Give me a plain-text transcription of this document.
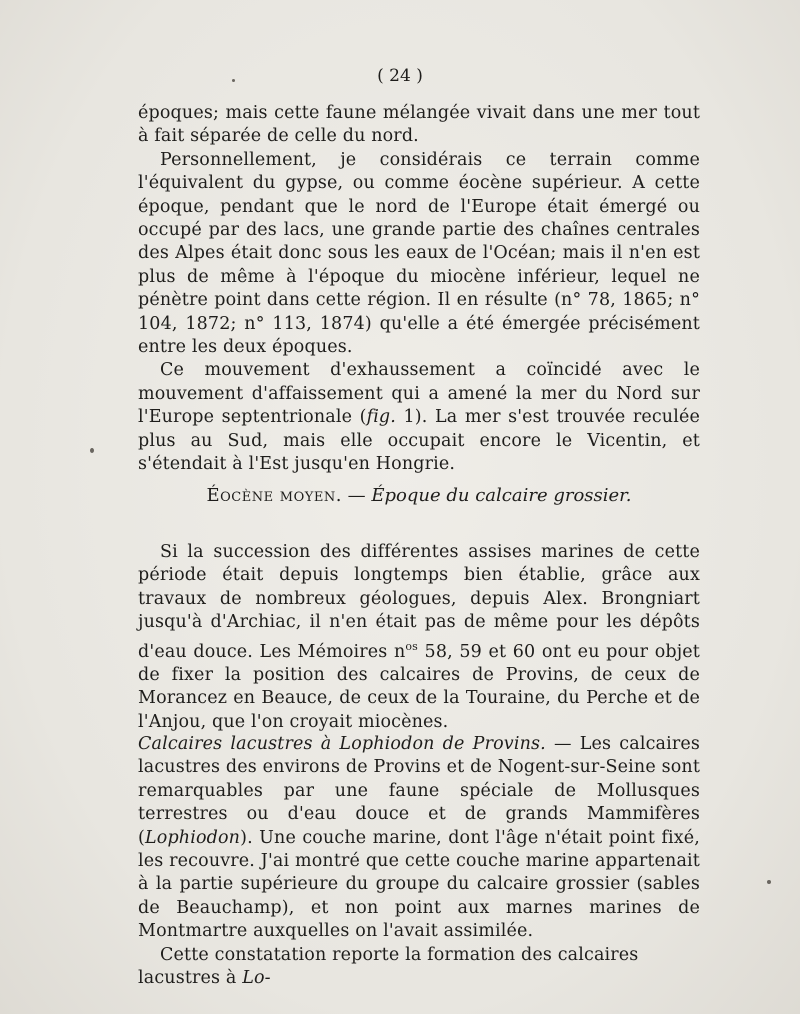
( 24 )

époques; mais cette faune mélangée vivait dans une mer tout à fait séparée de celle du nord.

Personnellement, je considérais ce terrain comme l'équivalent du gypse, ou comme éocène supérieur. A cette époque, pendant que le nord de l'Europe était émergé ou occupé par des lacs, une grande partie des chaînes centrales des Alpes était donc sous les eaux de l'Océan; mais il n'en est plus de même à l'époque du miocène inférieur, lequel ne pénètre point dans cette région. Il en résulte (n° 78, 1865; n° 104, 1872; n° 113, 1874) qu'elle a été émergée précisément entre les deux époques.

Ce mouvement d'exhaussement a coïncidé avec le mouvement d'affaissement qui a amené la mer du Nord sur l'Europe septentrionale (fig. 1). La mer s'est trouvée reculée plus au Sud, mais elle occupait encore le Vicentin, et s'étendait à l'Est jusqu'en Hongrie.

Éocène moyen. — Époque du calcaire grossier.

Si la succession des différentes assises marines de cette période était depuis longtemps bien établie, grâce aux travaux de nombreux géologues, depuis Alex. Brongniart jusqu'à d'Archiac, il n'en était pas de même pour les dépôts d'eau douce. Les Mémoires $n^{os}$ 58, 59 et 60 ont eu pour objet de fixer la position des calcaires de Provins, de ceux de Morancez en Beauce, de ceux de la Touraine, du Perche et de l'Anjou, que l'on croyait miocènes.

Calcaires lacustres à Lophiodon de Provins. — Les calcaires lacustres des environs de Provins et de Nogent-sur-Seine sont remarquables par une faune spéciale de Mollusques terrestres ou d'eau douce et de grands Mammifères (Lophiodon). Une couche marine, dont l'âge n'était point fixé, les recouvre. J'ai montré que cette couche marine appartenait à la partie supérieure du groupe du calcaire grossier (sables de Beauchamp), et non point aux marnes marines de Montmartre auxquelles on l'avait assimilée.

Cette constatation reporte la formation des calcaires lacustres à Lo-
